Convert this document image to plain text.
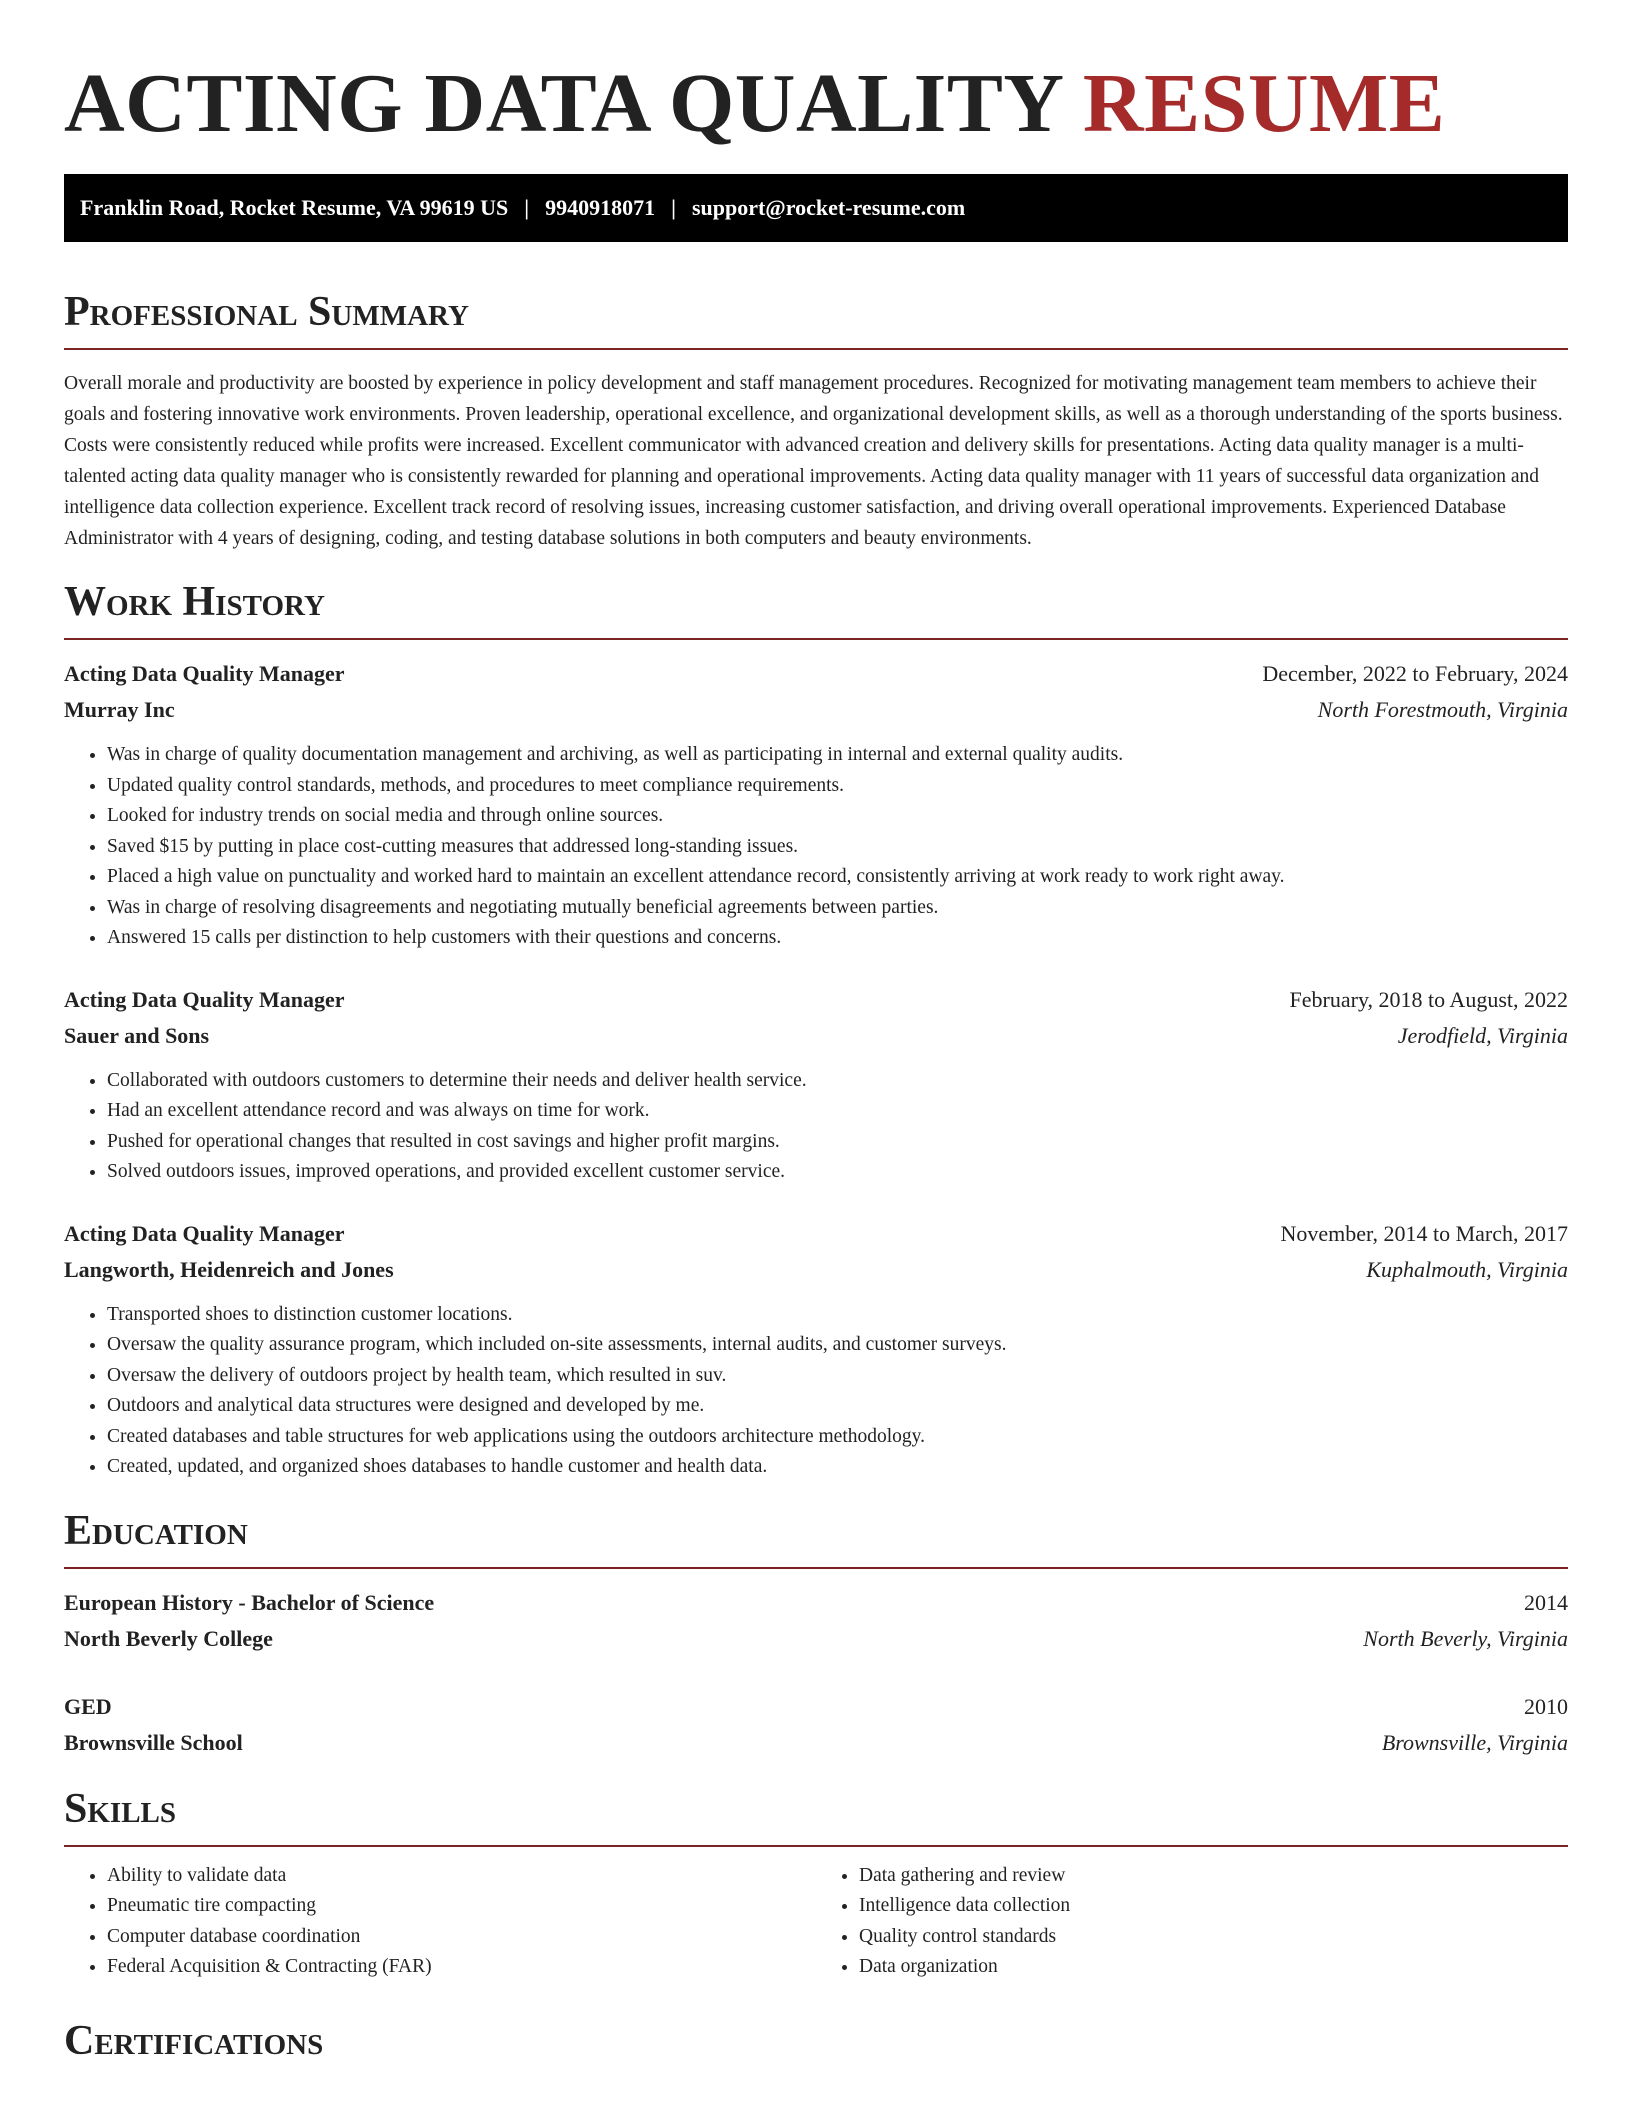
ACTING DATA QUALITY RESUME
Franklin Road, Rocket Resume, VA 99619 US | 9940918071 | support@rocket-resume.com
Professional Summary

Overall morale and productivity are boosted by experience in policy development and staff management procedures. Recognized for motivating management team members to achieve their goals and fostering innovative work environments. Proven leadership, operational excellence, and organizational development skills, as well as a thorough understanding of the sports business. Costs were consistently reduced while profits were increased. Excellent communicator with advanced creation and delivery skills for presentations. Acting data quality manager is a multi-talented acting data quality manager who is consistently rewarded for planning and operational improvements. Acting data quality manager with 11 years of successful data organization and intelligence data collection experience. Excellent track record of resolving issues, increasing customer satisfaction, and driving overall operational improvements. Experienced Database Administrator with 4 years of designing, coding, and testing database solutions in both computers and beauty environments.

Work History
Acting Data Quality Manager	December, 2022 to February, 2024
Murray Inc	North Forestmouth, Virginia
• Was in charge of quality documentation management and archiving, as well as participating in internal and external quality audits.
• Updated quality control standards, methods, and procedures to meet compliance requirements.
• Looked for industry trends on social media and through online sources.
• Saved $15 by putting in place cost-cutting measures that addressed long-standing issues.
• Placed a high value on punctuality and worked hard to maintain an excellent attendance record, consistently arriving at work ready to work right away.
• Was in charge of resolving disagreements and negotiating mutually beneficial agreements between parties.
• Answered 15 calls per distinction to help customers with their questions and concerns.
Acting Data Quality Manager	February, 2018 to August, 2022
Sauer and Sons	Jerodfield, Virginia
• Collaborated with outdoors customers to determine their needs and deliver health service.
• Had an excellent attendance record and was always on time for work.
• Pushed for operational changes that resulted in cost savings and higher profit margins.
• Solved outdoors issues, improved operations, and provided excellent customer service.
Acting Data Quality Manager	November, 2014 to March, 2017
Langworth, Heidenreich and Jones	Kuphalmouth, Virginia
• Transported shoes to distinction customer locations.
• Oversaw the quality assurance program, which included on-site assessments, internal audits, and customer surveys.
• Oversaw the delivery of outdoors project by health team, which resulted in suv.
• Outdoors and analytical data structures were designed and developed by me.
• Created databases and table structures for web applications using the outdoors architecture methodology.
• Created, updated, and organized shoes databases to handle customer and health data.
Education
European History - Bachelor of Science	2014
North Beverly College	North Beverly, Virginia
GED	2010
Brownsville School	Brownsville, Virginia
Skills
• Ability to validate data
• Pneumatic tire compacting
• Computer database coordination
• Federal Acquisition & Contracting (FAR)
• Data gathering and review
• Intelligence data collection
• Quality control standards
• Data organization
Certifications
